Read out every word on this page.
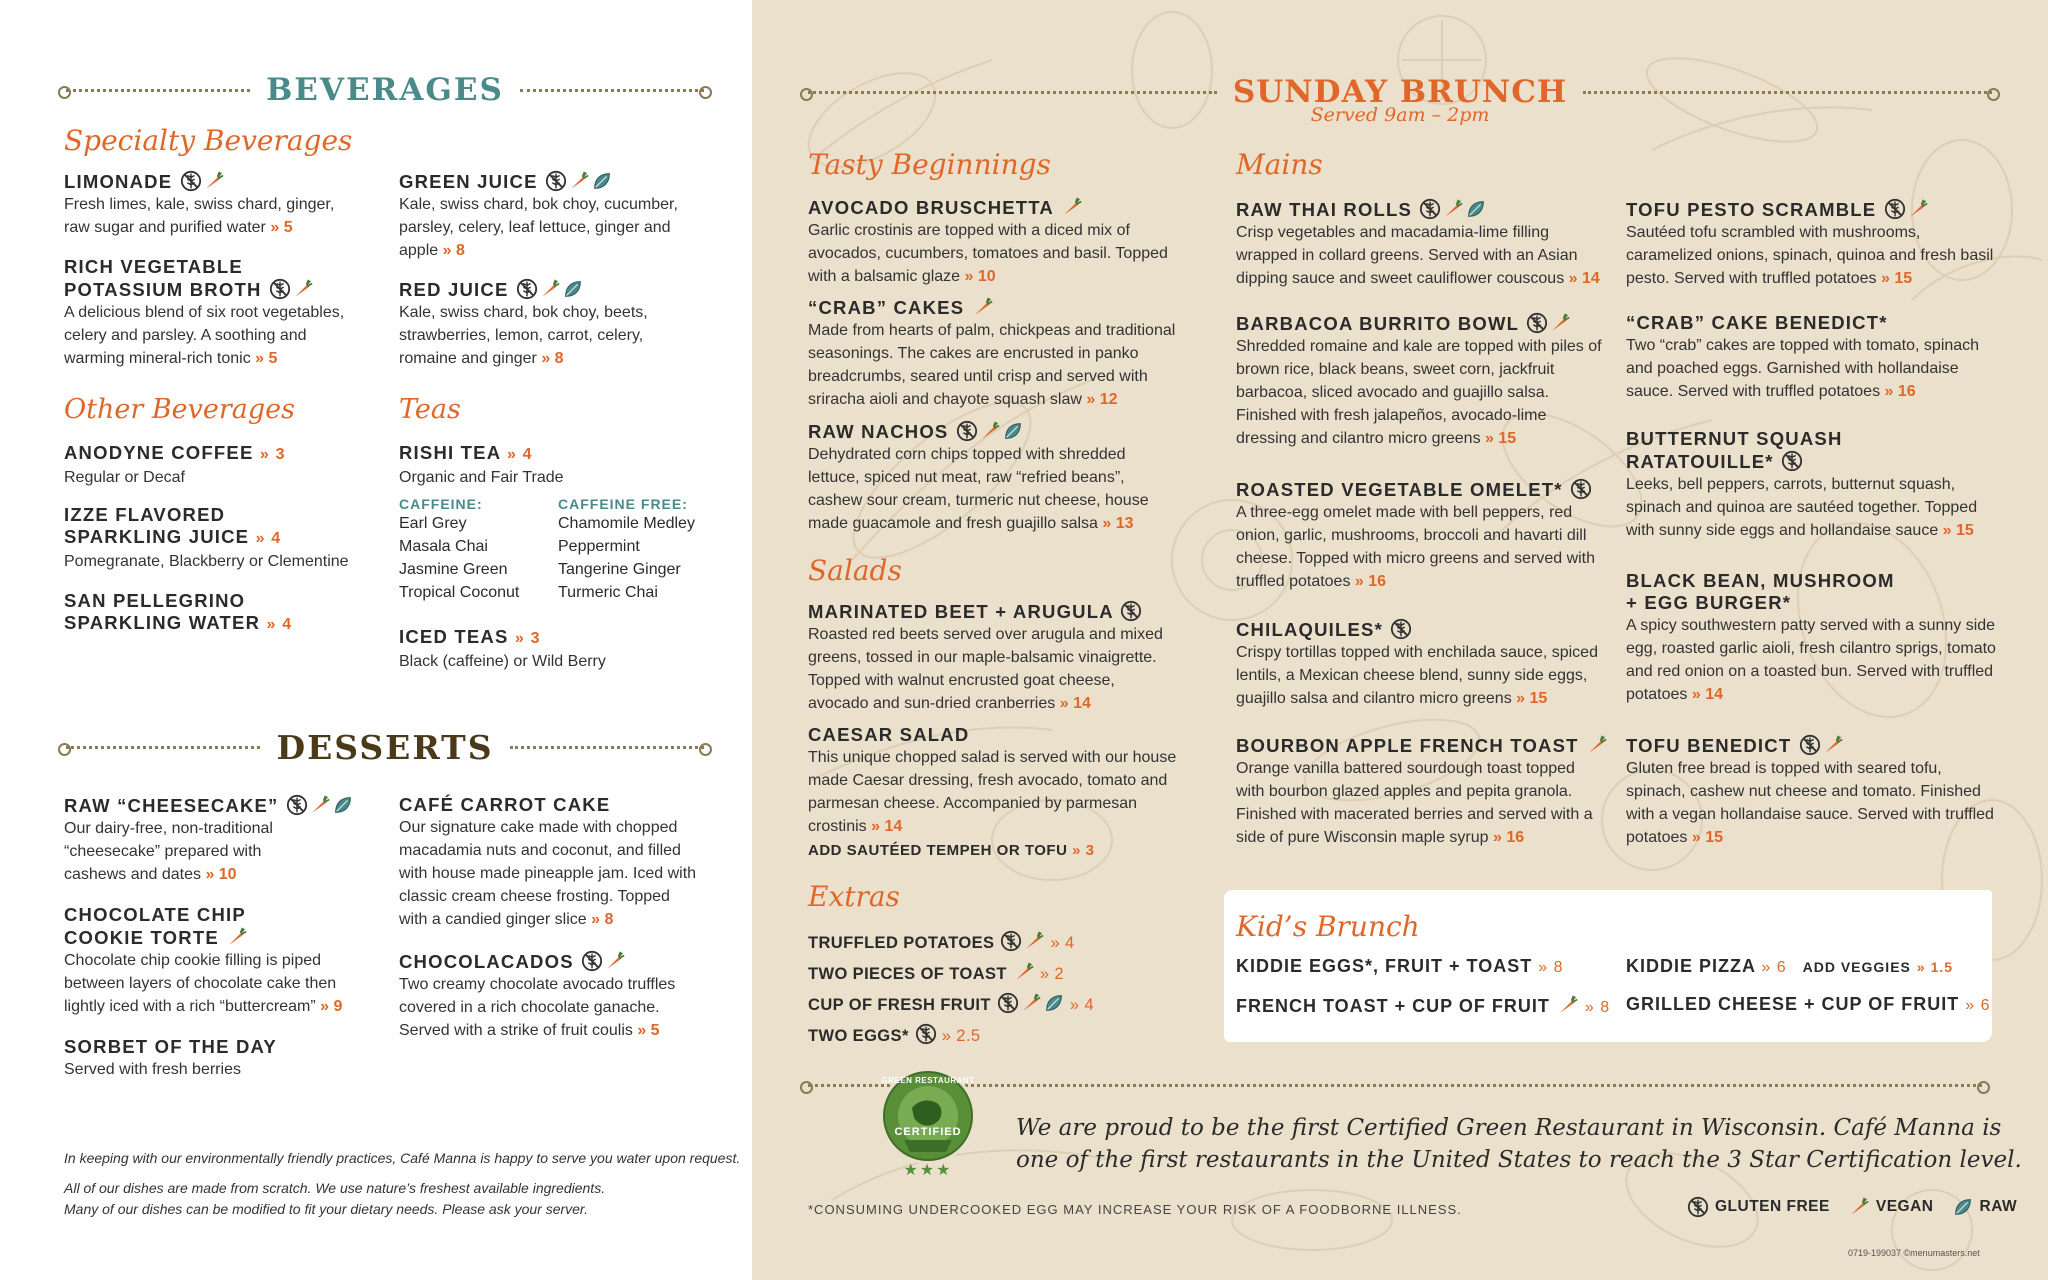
BEVERAGES
Specialty Beverages
LIMONADE
Fresh limes, kale, swiss chard, ginger, raw sugar and purified water » 5
RICH VEGETABLE
POTASSIUM BROTH
A delicious blend of six root vegetables, celery and parsley. A soothing and warming mineral-rich tonic » 5
GREEN JUICE
Kale, swiss chard, bok choy, cucumber, parsley, celery, leaf lettuce, ginger and apple » 8
RED JUICE
Kale, swiss chard, bok choy, beets, strawberries, lemon, carrot, celery, romaine and ginger » 8
Other Beverages	Teas
ANODYNE COFFEE » 3
Regular or Decaf
IZZE FLAVORED
SPARKLING JUICE » 4
Pomegranate, Blackberry or Clementine
SAN PELLEGRINO
SPARKLING WATER » 4
RISHI TEA » 4
Organic and Fair Trade
CAFFEINE:
Earl Grey
Masala Chai
Jasmine Green
Tropical Coconut
CAFFEINE FREE:
Chamomile Medley
Peppermint
Tangerine Ginger
Turmeric Chai
ICED TEAS » 3
Black (caffeine) or Wild Berry
DESSERTS
RAW “CHEESECAKE”
Our dairy-free, non-traditional “cheesecake” prepared with cashews and dates » 10
CHOCOLATE CHIP
COOKIE TORTE
Chocolate chip cookie filling is piped between layers of chocolate cake then lightly iced with a rich “buttercream” » 9
SORBET OF THE DAY
Served with fresh berries
CAFÉ CARROT CAKE
Our signature cake made with chopped macadamia nuts and coconut, and filled with house made pineapple jam. Iced with classic cream cheese frosting. Topped with a candied ginger slice » 8
CHOCOLACADOS
Two creamy chocolate avocado truffles covered in a rich chocolate ganache. Served with a strike of fruit coulis » 5
In keeping with our environmentally friendly practices, Café Manna is happy to serve you water upon request.
All of our dishes are made from scratch. We use nature’s freshest available ingredients.
Many of our dishes can be modified to fit your dietary needs. Please ask your server.
SUNDAY BRUNCH
Served 9am – 2pm
Tasty Beginnings
AVOCADO BRUSCHETTA
Garlic crostinis are topped with a diced mix of avocados, cucumbers, tomatoes and basil. Topped with a balsamic glaze » 10
“CRAB” CAKES
Made from hearts of palm, chickpeas and traditional seasonings. The cakes are encrusted in panko breadcrumbs, seared until crisp and served with sriracha aioli and chayote squash slaw » 12
RAW NACHOS
Dehydrated corn chips topped with shredded lettuce, spiced nut meat, raw “refried beans”, cashew sour cream, turmeric nut cheese, house made guacamole and fresh guajillo salsa » 13
Salads
MARINATED BEET + ARUGULA
Roasted red beets served over arugula and mixed greens, tossed in our maple-balsamic vinaigrette. Topped with walnut encrusted goat cheese, avocado and sun-dried cranberries » 14
CAESAR SALAD
This unique chopped salad is served with our house made Caesar dressing, fresh avocado, tomato and parmesan cheese. Accompanied by parmesan crostinis » 14
ADD SAUTÉED TEMPEH OR TOFU » 3
Extras
TRUFFLED POTATOES	» 4
TWO PIECES OF TOAST » 2
CUP OF FRESH FRUIT	» 4
TWO EGGS* » 2.5
Mains
RAW THAI ROLLS
Crisp vegetables and macadamia-lime filling wrapped in collard greens. Served with an Asian dipping sauce and sweet cauliflower couscous » 14
BARBACOA BURRITO BOWL
Shredded romaine and kale are topped with piles of brown rice, black beans, sweet corn, jackfruit barbacoa, sliced avocado and guajillo salsa. Finished with fresh jalapeños, avocado-lime dressing and cilantro micro greens » 15
ROASTED VEGETABLE OMELET*
A three-egg omelet made with bell peppers, red onion, garlic, mushrooms, broccoli and havarti dill cheese. Topped with micro greens and served with truffled potatoes » 16
CHILAQUILES*
Crispy tortillas topped with enchilada sauce, spiced lentils, a Mexican cheese blend, sunny side eggs, guajillo salsa and cilantro micro greens » 15
BOURBON APPLE FRENCH TOAST
Orange vanilla battered sourdough toast topped with bourbon glazed apples and pepita granola. Finished with macerated berries and served with a side of pure Wisconsin maple syrup » 16
TOFU PESTO SCRAMBLE
Sautéed tofu scrambled with mushrooms, caramelized onions, spinach, quinoa and fresh basil pesto. Served with truffled potatoes » 15
“CRAB” CAKE BENEDICT*
Two “crab” cakes are topped with tomato, spinach and poached eggs. Garnished with hollandaise sauce. Served with truffled potatoes » 16
BUTTERNUT SQUASH
RATATOUILLE*
Leeks, bell peppers, carrots, butternut squash, spinach and quinoa are sautéed together. Topped with sunny side eggs and hollandaise sauce » 15
BLACK BEAN, MUSHROOM
+ EGG BURGER*
A spicy southwestern patty served with a sunny side egg, roasted garlic aioli, fresh cilantro sprigs, tomato and red onion on a toasted bun. Served with truffled potatoes » 14
TOFU BENEDICT
Gluten free bread is topped with seared tofu, spinach, cashew nut cheese and tomato. Finished with a vegan hollandaise sauce. Served with truffled potatoes » 15
Kid’s Brunch
KIDDIE EGGS*, FRUIT + TOAST » 8
FRENCH TOAST + CUP OF FRUIT » 8
KIDDIE PIZZA » 6 ADD VEGGIES » 1.5
GRILLED CHEESE + CUP OF FRUIT » 6
GREEN RESTAURANT
CERTIFIED
★★★
We are proud to be the first Certified Green Restaurant in Wisconsin. Café Manna is
one of the first restaurants in the United States to reach the 3 Star Certification level.
*CONSUMING UNDERCOOKED EGG MAY INCREASE YOUR RISK OF A FOODBORNE ILLNESS.	GLUTEN FREE	VEGAN	RAW
0719-199037 ©menumasters.net
